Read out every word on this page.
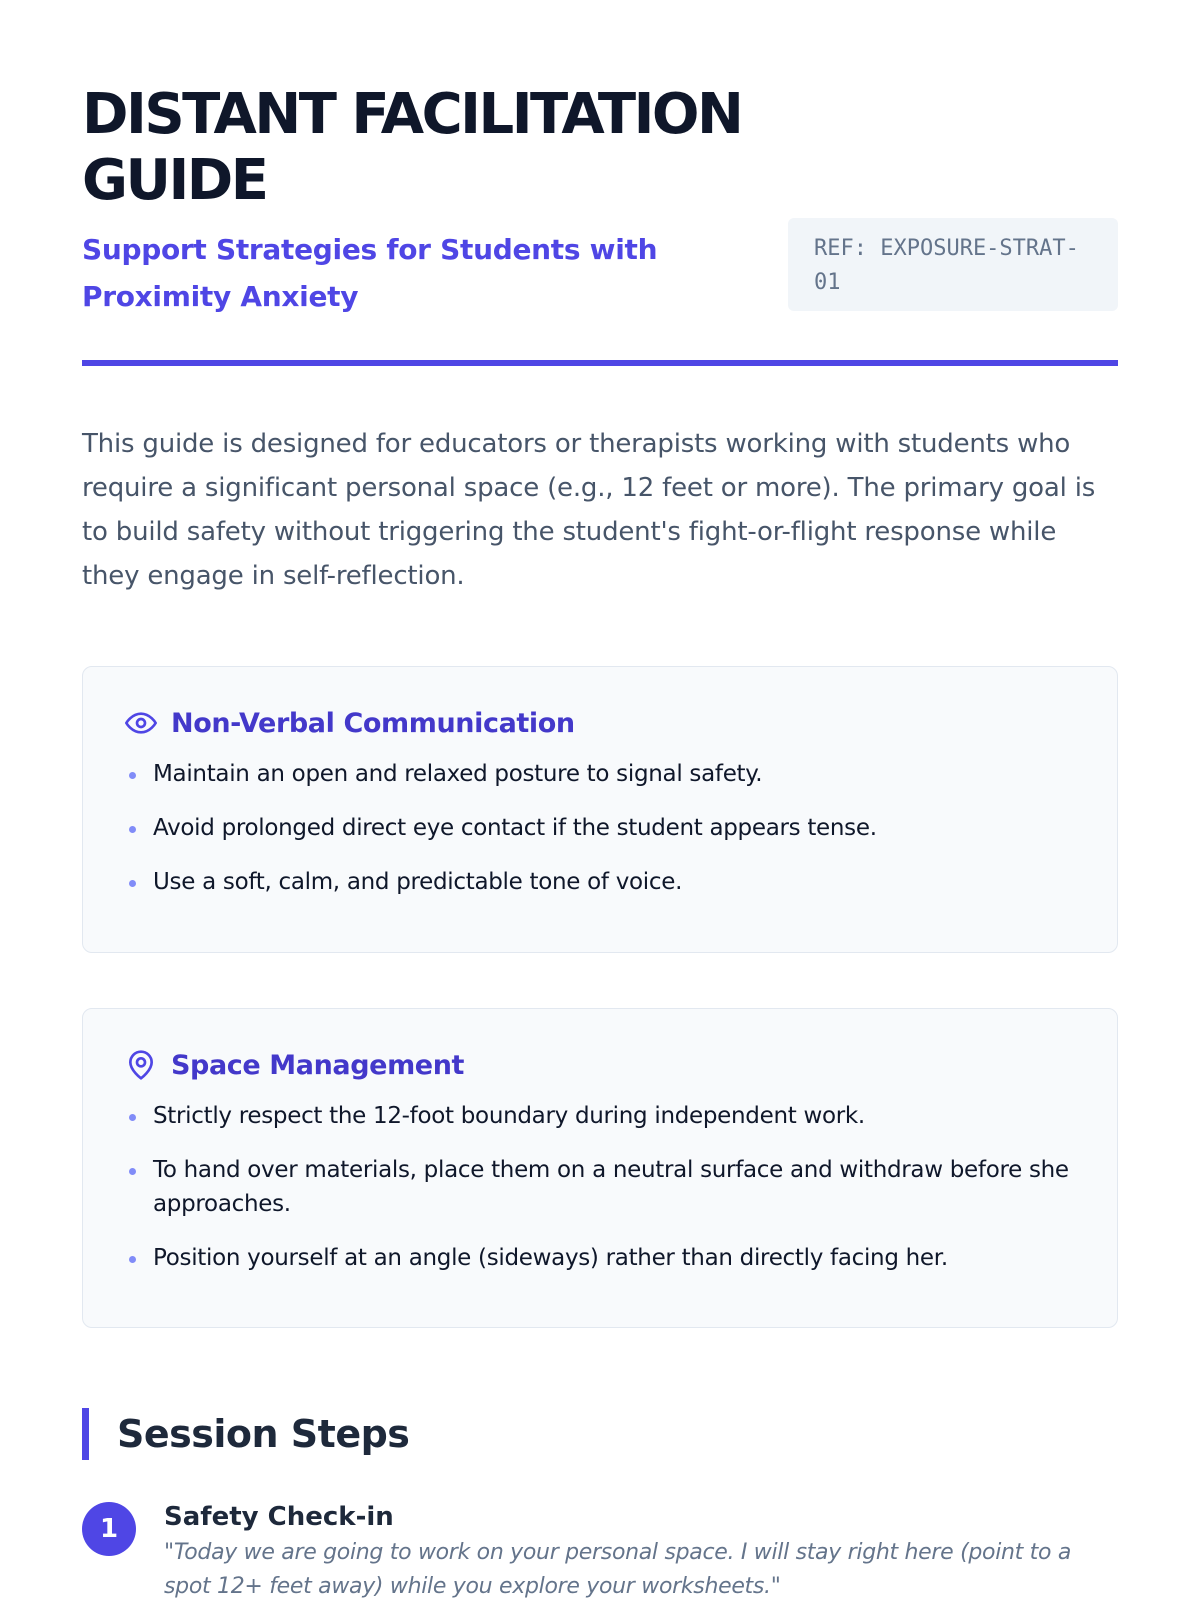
DISTANT FACILITATION GUIDE

Support Strategies for Students with Proximity Anxiety

REF: EXPOSURE-STRAT-01

This guide is designed for educators or therapists working with students who require a significant personal space (e.g., 12 feet or more). The primary goal is to build safety without triggering the student's fight-or-flight response while they engage in self-reflection.

Non-Verbal Communication
Maintain an open and relaxed posture to signal safety.
Avoid prolonged direct eye contact if the student appears tense.
Use a soft, calm, and predictable tone of voice.
Space Management
Strictly respect the 12-foot boundary during independent work.
To hand over materials, place them on a neutral surface and withdraw before she approaches.
Position yourself at an angle (sideways) rather than directly facing her.
Session Steps
1	Safety Check-in

"Today we are going to work on your personal space. I will stay right here (point to a spot 12+ feet away) while you explore your worksheets."
